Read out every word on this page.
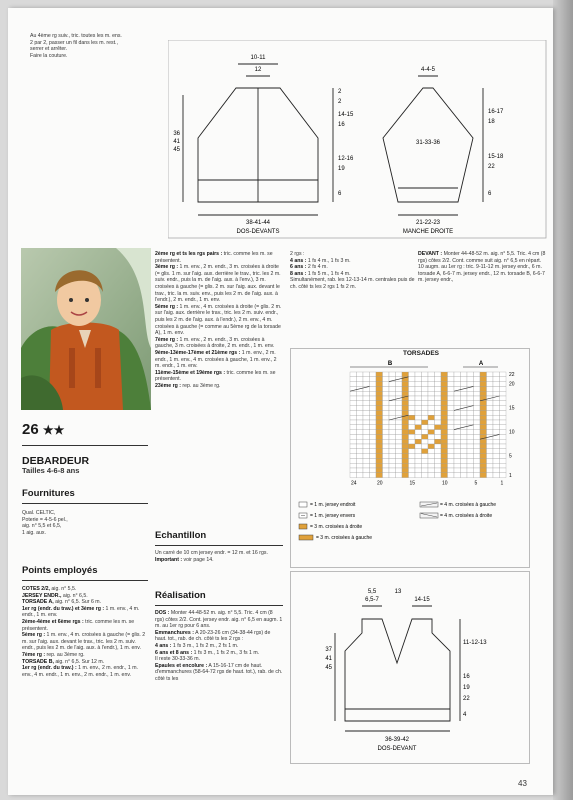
Au 4ème rg suiv., tric. toutes les m. ens.

2 par 2, passer un fil dans les m. rest.,

serrer et arrêter.

Faire la couture.	10-11
12
36
41
45
2
2
14-15
16
12-16
19
6
38-41-44
DOS-DEVANTS
4-4-5
31-33-36
16-17
18
15-18
22
6
21-22-23
MANCHE DROITE
26 ★★
DEBARDEUR
Tailles 4-6-8 ans
Fournitures

Qual. CELTIC,

Poterie = 4-5-6 pel.,

aig. n° 5,5 et 6,5,

1 aig. aux.

Points employés

COTES 2/2, aig. n° 5,5.

JERSEY ENDR., aig. n° 6,5.

TORSADE A, aig. n° 6,5. Sur 6 m.

1er rg (endr. du trav.) et 3ème rg : 1 m. env., 4 m. endr., 1 m. env.

2ème-4ème et 6ème rgs : tric. comme les m. se présentent.

5ème rg : 1 m. env., 4 m. croisées à gauche (= glis. 2 m. sur l'aig. aux. devant le trav., tric. les 2 m. suiv. endr., puis les 2 m. de l'aig. aux. à l'endr.), 1 m. env.

7ème rg : rep. au 3ème rg.

TORSADE B, aig. n° 6,5. Sur 12 m.

1er rg (endr. du trav.) : 1 m. env., 2 m. endr., 1 m. env., 4 m. endr., 1 m. env., 2 m. endr., 1 m. env.

2ème rg et ts les rgs pairs : tric. comme les m. se présentent.

3ème rg : 1 m. env., 2 m. endr., 3 m. croisées à droite (= glis. 1 m. sur l'aig. aux. derrière le trav., tric. les 2 m. suiv. endr., puis la m. de l'aig. aux. à l'env.), 3 m. croisées à gauche (= glis. 2 m. sur l'aig. aux. devant le trav., tric. la m. suiv. env., puis les 2 m. de l'aig. aux. à l'endr.), 2 m. endr., 1 m. env.

5ème rg : 1 m. env., 4 m. croisées à droite (= glis. 2 m. sur l'aig. aux. derrière le trav., tric. les 2 m. suiv. endr., puis les 2 m. de l'aig. aux. à l'endr.), 2 m. env., 4 m. croisées à gauche (= comme au 5ème rg de la torsade A), 1 m. env.

7ème rg : 1 m. env., 2 m. endr., 3 m. croisées à gauche, 3 m. croisées à droite, 2 m. endr., 1 m. env.

9ème-13ème-17ème et 21ème rgs : 1 m. env., 2 m. endr., 1 m. env., 4 m. croisées à gauche, 1 m. env., 2 m. endr., 1 m. env.

11ème-15ème et 19ème rgs : tric. comme les m. se présentent.

23ème rg : rep. au 3ème rg.

Echantillon

Un carré de 10 cm jersey endr. = 12 m. et 16 rgs.

Important : voir page 14.

Réalisation

DOS : Monter 44-48-52 m. aig. n° 5,5. Tric. 4 cm (8 rgs) côtes 2/2. Cont. jersey endr. aig. n° 6,5 en augm. 1 m. au 1er rg pour 6 ans.

Emmanchures : A 20-23-26 cm (34-38-44 rgs) de haut. tot., rab. de ch. côté ts les 2 rgs :

4 ans : 1 fs 3 m., 1 fs 2 m., 2 fs 1 m.

6 ans et 8 ans : 1 fs 3 m., 1 fs 2 m., 3 fs 1 m.

Il reste 30-33-36 m.

Epaules et encolure : A 15-16-17 cm de haut. d'emmanchures (58-64-72 rgs de haut. tot.), rab. de ch. côté ts les

2 rgs :

4 ans : 1 fs 4 m., 1 fs 3 m.

6 ans : 2 fs 4 m.

8 ans : 1 fs 5 m., 1 fs 4 m.

Simultanément, rab. les 12-13-14 m. centrales puis de ch. côté ts les 2 rgs 1 fs 2 m.

DEVANT : Monter 44-48-52 m. aig. n° 5,5. Tric. 4 cm (8 rgs) côtes 2/2. Cont. comme suit aig. n° 6,5 en répart. 10 augm. au 1er rg : tric. 9-11-12 m. jersey endr., 6 m. torsade A, 6-6-7 m. jersey endr., 12 m. torsade B, 6-6-7 m. jersey endr.,

TORSADES
B	A
22
20
15
10
5
1
24	20	15	10	5	1
= 1 m. jersey endroit
= 1 m. jersey envers
= 3 m. croisées à droite
= 3 m. croisées à gauche
= 4 m. croisées à gauche
= 4 m. croisées à droite
5,5
6,5-7
13
14-15
37
41
45
11-12-13
16
19
22
4
36-39-42
DOS-DEVANT
43
